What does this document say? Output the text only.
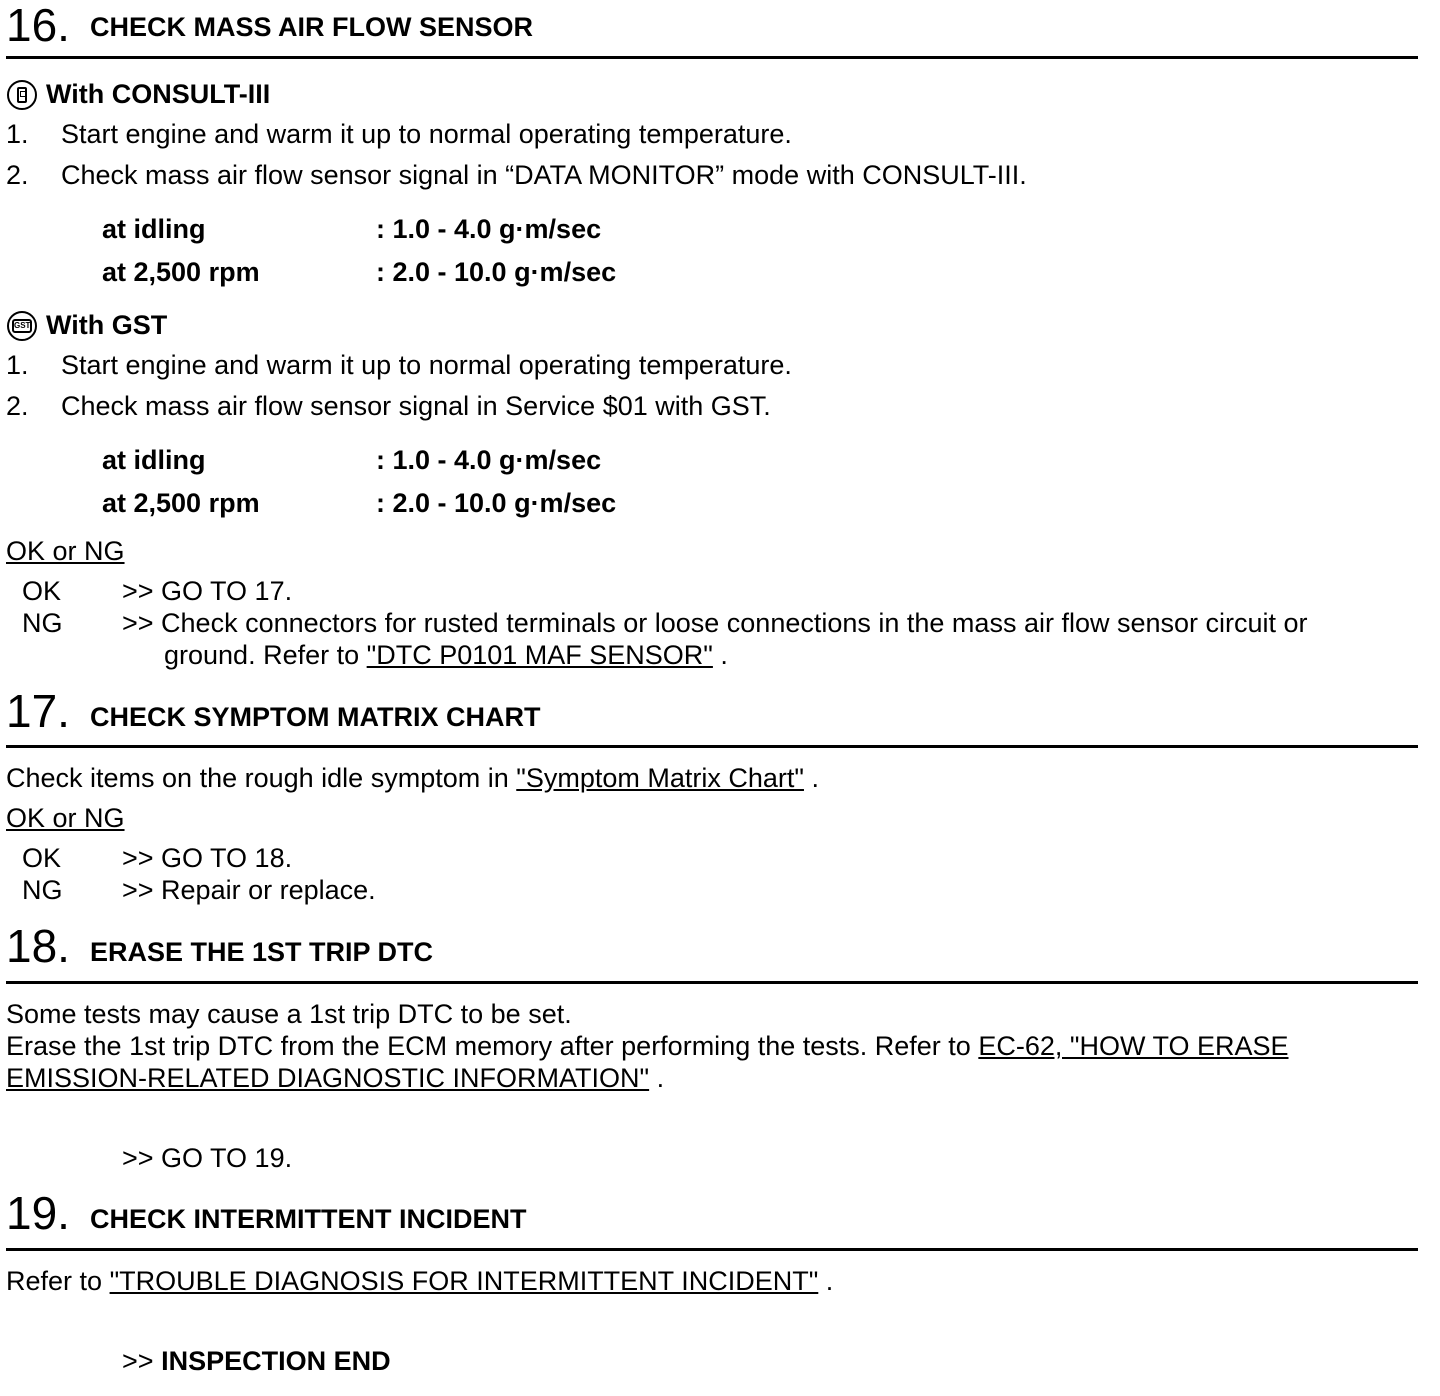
16. CHECK MASS AIR FLOW SENSOR
With CONSULT-III
1. Start engine and warm it up to normal operating temperature.
2. Check mass air flow sensor signal in “DATA MONITOR” mode with CONSULT-III.
at idling	: 1.0 - 4.0 g·m/sec
at 2,500 rpm	: 2.0 - 10.0 g·m/sec
GST With GST
1. Start engine and warm it up to normal operating temperature.
2. Check mass air flow sensor signal in Service $01 with GST.
at idling	: 1.0 - 4.0 g·m/sec
at 2,500 rpm	: 2.0 - 10.0 g·m/sec
OK or NG
OK >> GO TO 17.
NG >> Check connectors for rusted terminals or loose connections in the mass air flow sensor circuit or
ground. Refer to "DTC P0101 MAF SENSOR" .
17. CHECK SYMPTOM MATRIX CHART
Check items on the rough idle symptom in "Symptom Matrix Chart" .
OK or NG
OK >> GO TO 18.
NG >> Repair or replace.
18. ERASE THE 1ST TRIP DTC
Some tests may cause a 1st trip DTC to be set.
Erase the 1st trip DTC from the ECM memory after performing the tests. Refer to EC-62, "HOW TO ERASE
EMISSION-RELATED DIAGNOSTIC INFORMATION" .
>> GO TO 19.
19. CHECK INTERMITTENT INCIDENT
Refer to "TROUBLE DIAGNOSIS FOR INTERMITTENT INCIDENT" .
>> INSPECTION END
